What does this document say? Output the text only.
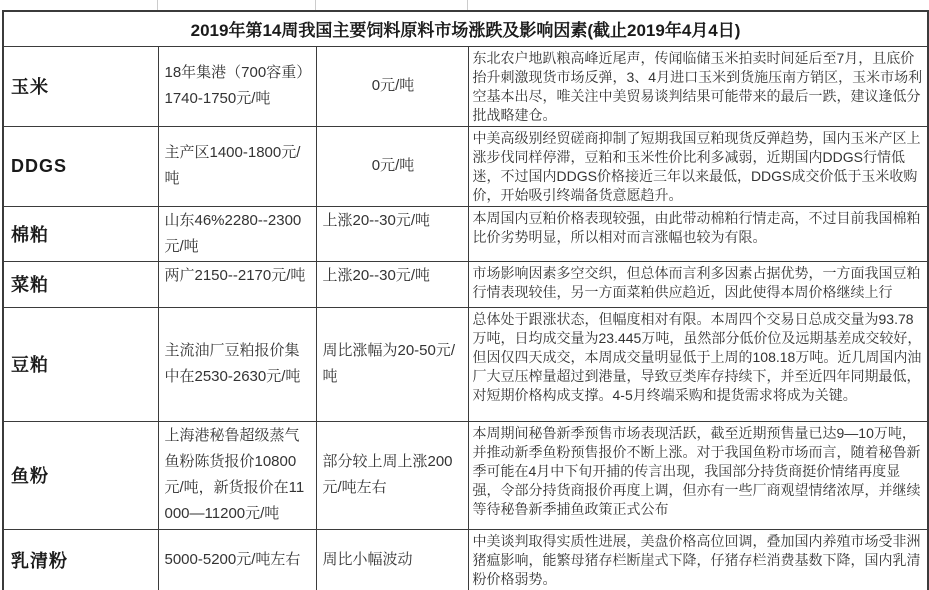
2019年第14周我国主要饲料原料市场涨跌及影响因素(截止2019年4月4日)			
玉米	18年集港（700容重）1740-1750元/吨	0元/吨	东北农户地趴粮高峰近尾声，传闻临储玉米拍卖时间延后至7月，且底价抬升刺激现货市场反弹，3、4月进口玉米到货施压南方销区，玉米市场利空基本出尽，唯关注中美贸易谈判结果可能带来的最后一跌，建议逢低分批战略建仓。
DDGS	主产区1400-1800元/吨	0元/吨	中美高级别经贸磋商抑制了短期我国豆粕现货反弹趋势，国内玉米产区上涨步伐同样停滞，豆粕和玉米性价比利多减弱，近期国内DDGS行情低迷，不过国内DDGS价格接近三年以来最低，DDGS成交价低于玉米收购价，开始吸引终端备货意愿趋升。
棉粕	山东46%2280--2300元/吨	上涨20--30元/吨	本周国内豆粕价格表现较强，由此带动棉粕行情走高，不过目前我国棉粕比价劣势明显，所以相对而言涨幅也较为有限。
菜粕	两广2150--2170元/吨	上涨20--30元/吨	市场影响因素多空交织，但总体而言利多因素占据优势，一方面我国豆粕行情表现较佳，另一方面菜粕供应趋近，因此使得本周价格继续上行
豆粕	主流油厂豆粕报价集中在2530-2630元/吨	周比涨幅为20-50元/吨	总体处于跟涨状态，但幅度相对有限。本周四个交易日总成交量为93.78万吨，日均成交量为23.445万吨，虽然部分低价位及远期基差成交较好，但因仅四天成交，本周成交量明显低于上周的108.18万吨。近几周国内油厂大豆压榨量超过到港量，导致豆类库存持续下，并至近四年同期最低，对短期价格构成支撑。4-5月终端采购和提货需求将成为关键。
鱼粉	上海港秘鲁超级蒸气鱼粉陈货报价10800元/吨，新货报价在11000—11200元/吨	部分较上周上涨200元/吨左右	本周期间秘鲁新季预售市场表现活跃，截至近期预售量已达9—10万吨，并推动新季鱼粉预售报价不断上涨。对于我国鱼粉市场而言，随着秘鲁新季可能在4月中下旬开捕的传言出现，我国部分持货商挺价情绪再度显强，令部分持货商报价再度上调，但亦有一些厂商观望情绪浓厚，并继续等待秘鲁新季捕鱼政策正式公布
乳清粉	5000-5200元/吨左右	周比小幅波动	中美谈判取得实质性进展，美盘价格高位回调，叠加国内养殖市场受非洲猪瘟影响，能繁母猪存栏断崖式下降，仔猪存栏消费基数下降，国内乳清粉价格弱势。
